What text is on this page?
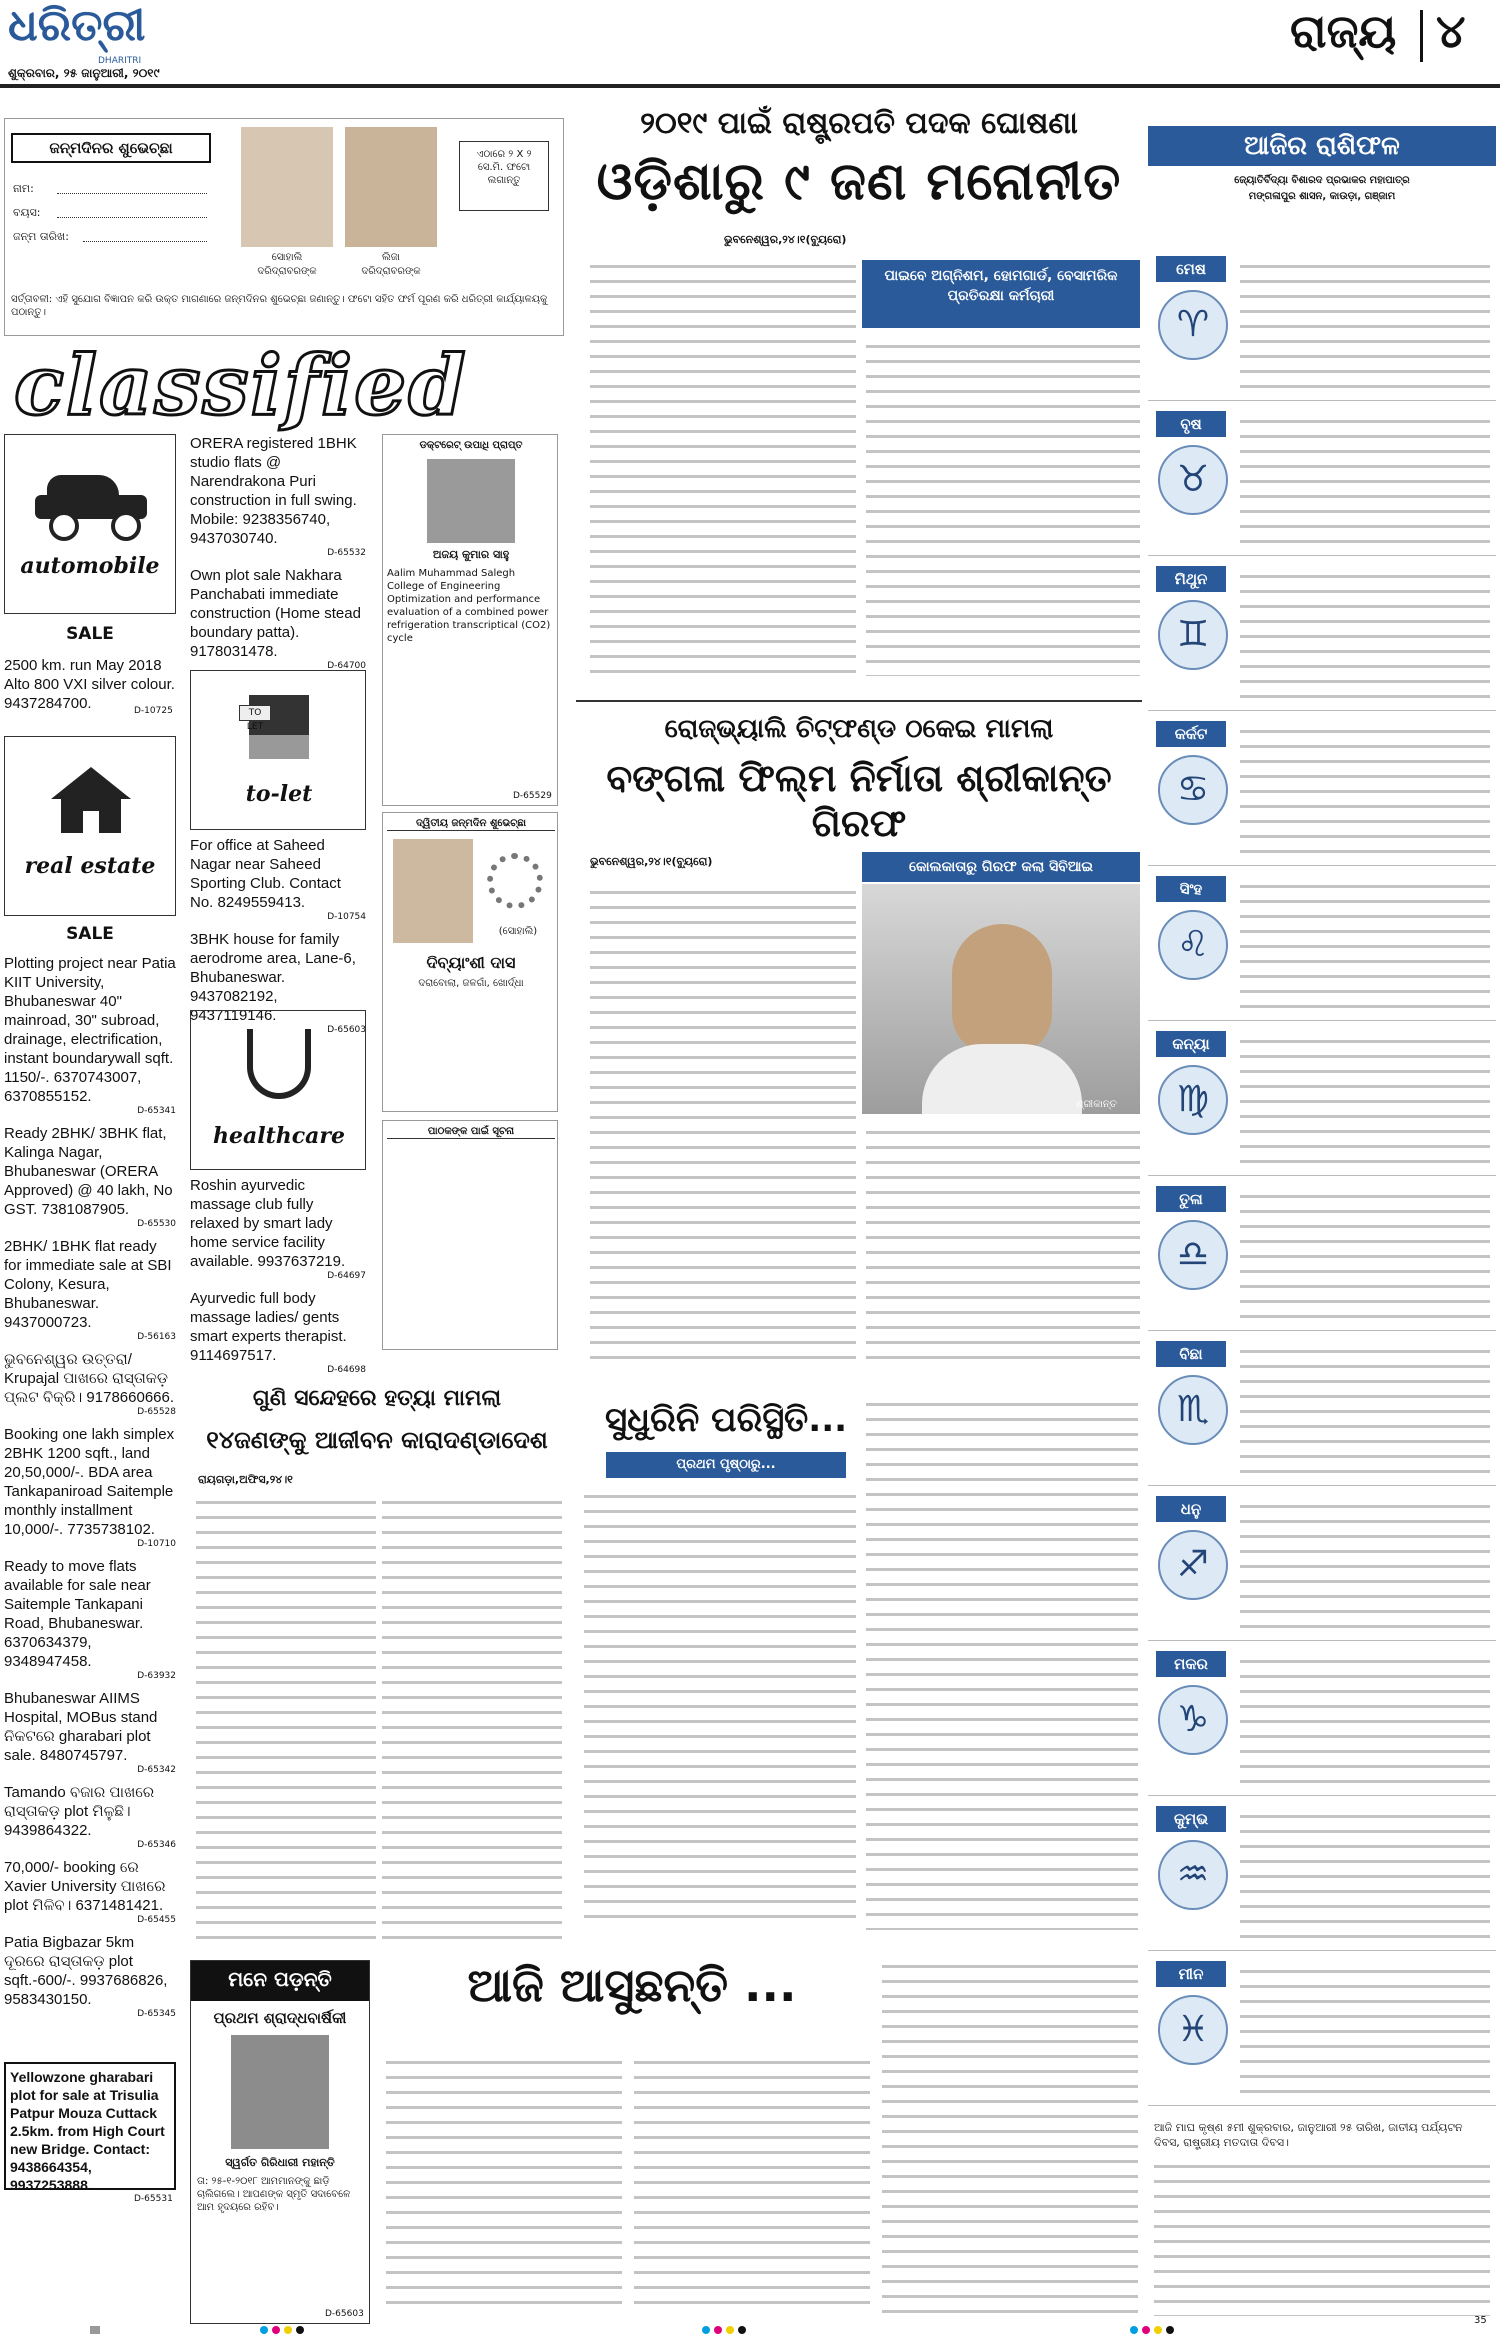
ଧରିତ୍ରୀ
DHARITRI
ଶୁକ୍ରବାର, ୨୫ ଜାନୁଆରୀ, ୨୦୧୯
ରାଜ୍ୟ ୪
ଜନ୍ମଦିନର ଶୁଭେଚ୍ଛା
ନାମ:
ବୟସ:
ଜନ୍ମ ତାରିଖ:
ସୋହାଲି
ଦରିଦ୍ରାବରଙ୍କ
ଲିଜା
ଦରିଦ୍ରାବରଙ୍କ
ଏଠାରେ ୨ X ୨ ସେ.ମି. ଫଟୋ ଲଗାନ୍ତୁ
ସର୍ତ୍ତାବଳୀ: ଏହି ସୁଯୋଗ ବିଜ୍ଞାପନ କରି ଉକ୍ତ ମାଗଣାରେ ଜନ୍ମଦିନର ଶୁଭେଚ୍ଛା ଜଣାନ୍ତୁ। ଫଟୋ ସହିତ ଫର୍ମ ପୂରଣ କରି ଧରିତ୍ରୀ କାର୍ଯ୍ୟାଳୟକୁ ପଠାନ୍ତୁ।
classified
automobile
SALE
2500 km. run May 2018 Alto 800 VXI silver colour. 9437284700.	D-10725
real estate
SALE
Plotting project near Patia KIIT University, Bhubaneswar 40" mainroad, 30" subroad, drainage, electrification, instant boundarywall sqft. 1150/-. 6370743007, 6370855152.
D-65341
Ready 2BHK/ 3BHK flat, Kalinga Nagar, Bhubaneswar (ORERA Approved) @ 40 lakh, No GST. 7381087905.
D-65530
2BHK/ 1BHK flat ready for immediate sale at SBI Colony, Kesura, Bhubaneswar. 9437000723.
D-56163
ଭୁବନେଶ୍ୱର ଉତ୍ତରା/ Krupajal ପାଖରେ ରାସ୍ତାକଡ଼ ପ୍ଲଟ ବିକ୍ରି। 9178660666.
D-65528
Booking one lakh simplex 2BHK 1200 sqft., land 20,50,000/-. BDA area Tankapaniroad Saitemple monthly installment 10,000/-. 7735738102.
D-10710
Ready to move flats available for sale near Saitemple Tankapani Road, Bhubaneswar. 6370634379, 9348947458.
D-63932
Bhubaneswar AIIMS Hospital, MOBus stand ନିକଟରେ gharabari plot sale. 8480745797.
D-65342
Tamando ବଜାର ପାଖରେ ରାସ୍ତାକଡ଼ plot ମିଳୁଛି। 9439864322.
D-65346
70,000/- booking ରେ Xavier University ପାଖରେ plot ମିଳିବ। 6371481421.
D-65455
Patia Bigbazar 5km ଦୂରରେ ରାସ୍ତାକଡ଼ plot sqft.-600/-. 9937686826, 9583430150.
D-65345
Yellowzone gharabari plot for sale at Trisulia Patpur Mouza Cuttack 2.5km. from High Court new Bridge. Contact: 9438664354, 9937253888.
D-65531
ORERA registered 1BHK studio flats @ Narendrakona Puri construction in full swing. Mobile: 9238356740, 9437030740.
D-65532
Own plot sale Nakhara Panchabati immediate construction (Home stead boundary patta). 9178031478.
D-64700
TO LET
to-let
For office at Saheed Nagar near Saheed Sporting Club. Contact No. 8249559413.
D-10754
3BHK house for family aerodrome area, Lane-6, Bhubaneswar. 9437082192, 9437119146.
D-65603
healthcare
Roshin ayurvedic massage club fully relaxed by smart lady home service facility available. 9937637219.
D-64697
Ayurvedic full body massage ladies/ gents smart experts therapist. 9114697517.
D-64698
ଡକ୍ଟରେଟ୍ ଉପାଧି ପ୍ରାପ୍ତ
ଅଜୟ କୁମାର ସାହୁ
Aalim Muhammad Salegh College of Engineering Optimization and performance evaluation of a combined power refrigeration transcriptical (CO2) cycle
D-65529
ଦ୍ୱିତୀୟ ଜନ୍ମଦିନ ଶୁଭେଚ୍ଛା
(ସୋହାଲି)
ଦିବ୍ୟାଂଶୀ ଦାସ
ଦରାବୋଲା, ଜଳଗାଁ, ଖୋର୍ଦ୍ଧା
ପାଠକଙ୍କ ପାଇଁ ସୂଚନା
ମନେ ପଡ଼ନ୍ତି
ପ୍ରଥମ ଶ୍ରାଦ୍ଧବାର୍ଷିକୀ
ସ୍ୱର୍ଗତ ଗିରିଧାରୀ ମହାନ୍ତି
ତା: ୨୫-୧-୨୦୧୮ ଆମମାନଙ୍କୁ ଛାଡ଼ି ଚାଲିଗଲେ। ଆପଣଙ୍କ ସ୍ମୃତି ସଦାବେଳେ ଆମ ହୃଦୟରେ ରହିବ।
D-65603
୨୦୧୯ ପାଇଁ ରାଷ୍ଟ୍ରପତି ପଦକ ଘୋଷଣା
ଓଡ଼ିଶାରୁ ୯ ଜଣ ମନୋନୀତ
ଭୁବନେଶ୍ୱର,୨୪।୧(ବ୍ୟୁରୋ)
ପାଇବେ ଅଗ୍ନିଶମ, ହୋମଗାର୍ଡ, ବେସାମରିକ ପ୍ରତିରକ୍ଷା କର୍ମଚାରୀ
ରୋଜ୍‌ଭ୍ୟାଲି ଚିଟ୍‌ଫଣ୍ଡ ଠକେଇ ମାମଲା
ବଙ୍ଗଳା ଫିଲ୍ମ ନିର୍ମାତା ଶ୍ରୀକାନ୍ତ ଗିରଫ
ଭୁବନେଶ୍ୱର,୨୪।୧(ବ୍ୟୁରୋ)	କୋଲକାତାରୁ ଗିରଫ କଲା ସିବିଆଇ
ଶ୍ରୀକାନ୍ତ
ଗୁଣି ସନ୍ଦେହରେ ହତ୍ୟା ମାମଲା
୧୪ଜଣଙ୍କୁ ଆଜୀବନ କାରାଦଣ୍ଡାଦେଶ
ରାୟଗଡ଼ା,ଅଫିସ,୨୪।୧
ସୁଧୁରିନି ପରିସ୍ଥିତି...
ପ୍ରଥମ ପୃଷ୍ଠାରୁ...
ଆଜି ଆସୁଛନ୍ତି ...
ଆଜିର ରାଶିଫଳ
ଜ୍ୟୋତିର୍ବିଦ୍ୟା ବିଶାରଦ ପ୍ରଭାକର ମହାପାତ୍ର
ମଙ୍ଗଳାପୁର ଶାସନ, କାଉଡ଼ା, ଗଞ୍ଜାମ
ମେଷ
♈
ବୃଷ
♉
ମିଥୁନ
♊
କର୍କଟ
♋
ସିଂହ
♌
କନ୍ୟା
♍
ତୁଳା
♎
ବିଛା
♏
ଧନୁ
♐
ମକର
♑
କୁମ୍ଭ
♒
ମୀନ
♓
ଆଜି ମାଘ କୃଷ୍ଣ ୫ମୀ ଶୁକ୍ରବାର, ଜାନୁଆରୀ ୨୫ ତାରିଖ, ଜାତୀୟ ପର୍ଯ୍ୟଟନ ଦିବସ, ରାଷ୍ଟ୍ରୀୟ ମତଦାତା ଦିବସ।
35
